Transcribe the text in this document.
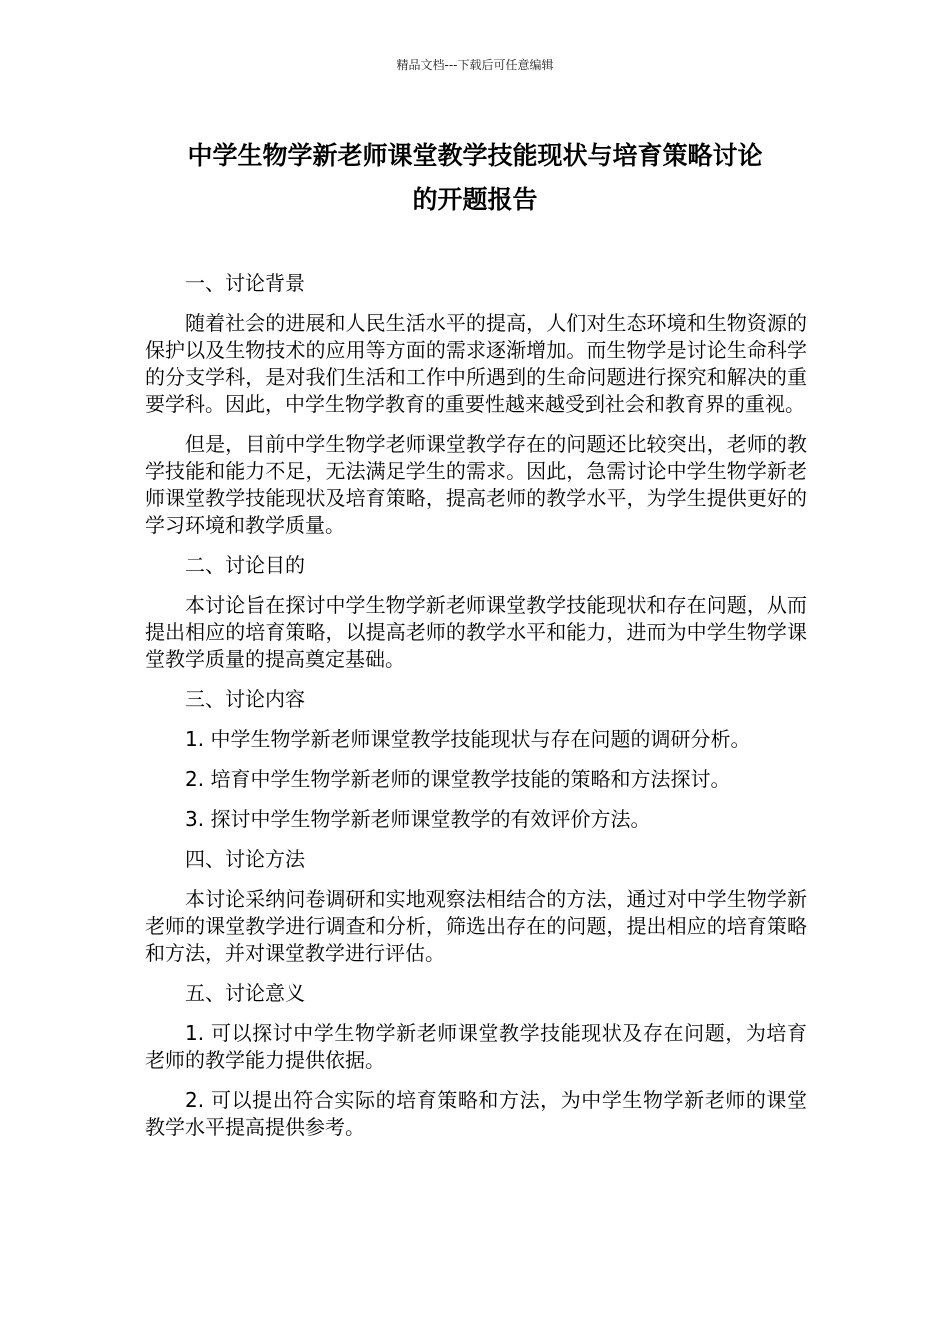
精品文档---下载后可任意编辑
中学生物学新老师课堂教学技能现状与培育策略讨论
的开题报告

一、讨论背景

随着社会的进展和人民生活水平的提高，人们对生态环境和生物资源的保护以及生物技术的应用等方面的需求逐渐增加。而生物学是讨论生命科学的分支学科，是对我们生活和工作中所遇到的生命问题进行探究和解决的重要学科。因此，中学生物学教育的重要性越来越受到社会和教育界的重视。

但是，目前中学生物学老师课堂教学存在的问题还比较突出，老师的教学技能和能力不足，无法满足学生的需求。因此，急需讨论中学生物学新老师课堂教学技能现状及培育策略，提高老师的教学水平，为学生提供更好的学习环境和教学质量。

二、讨论目的

本讨论旨在探讨中学生物学新老师课堂教学技能现状和存在问题，从而提出相应的培育策略，以提高老师的教学水平和能力，进而为中学生物学课堂教学质量的提高奠定基础。

三、讨论内容

1. 中学生物学新老师课堂教学技能现状与存在问题的调研分析。

2. 培育中学生物学新老师的课堂教学技能的策略和方法探讨。

3. 探讨中学生物学新老师课堂教学的有效评价方法。

四、讨论方法

本讨论采纳问卷调研和实地观察法相结合的方法，通过对中学生物学新老师的课堂教学进行调查和分析，筛选出存在的问题，提出相应的培育策略和方法，并对课堂教学进行评估。

五、讨论意义

1. 可以探讨中学生物学新老师课堂教学技能现状及存在问题，为培育老师的教学能力提供依据。

2. 可以提出符合实际的培育策略和方法，为中学生物学新老师的课堂教学水平提高提供参考。
